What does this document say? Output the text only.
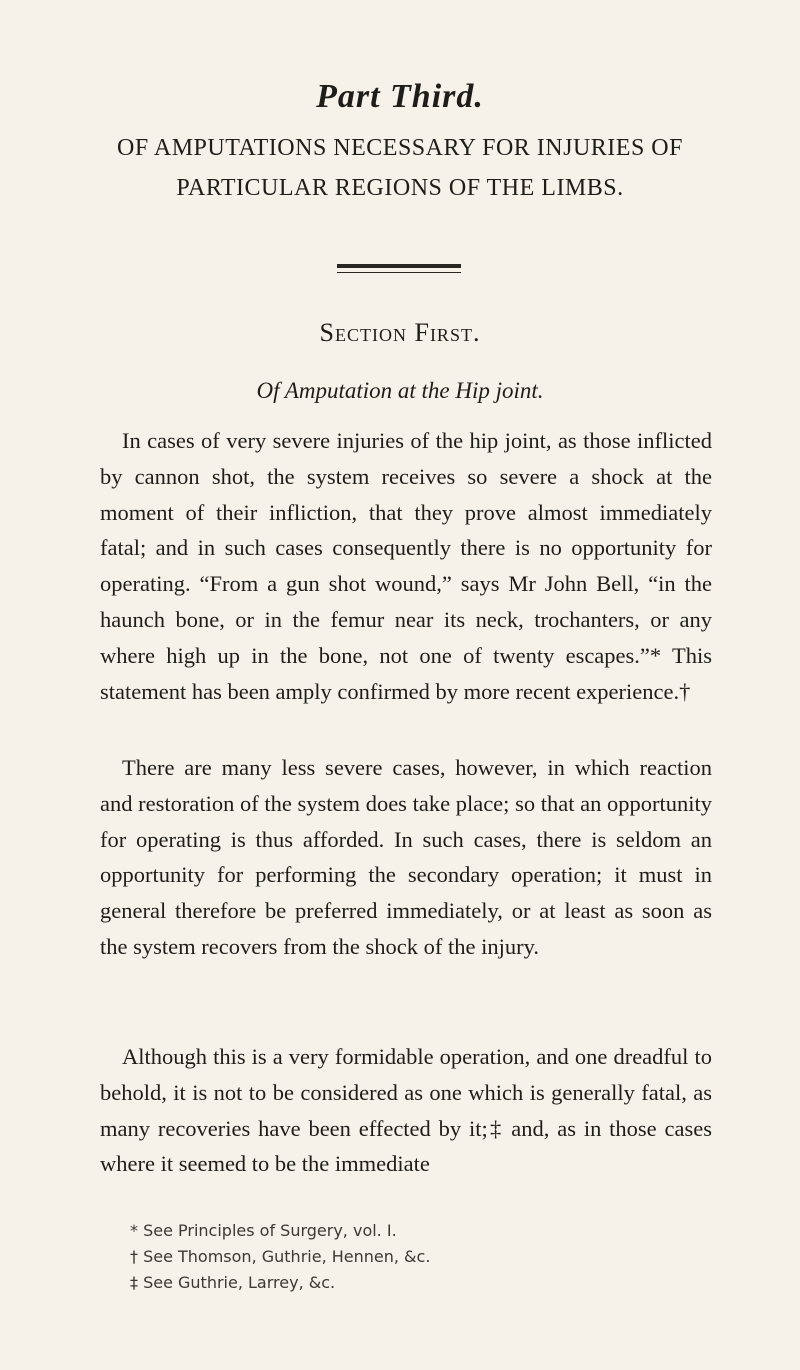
Part Third.
OF AMPUTATIONS NECESSARY FOR INJURIES OF PARTICULAR REGIONS OF THE LIMBS.
Section First.
Of Amputation at the Hip joint.

In cases of very severe injuries of the hip joint, as those inflicted by cannon shot, the system receives so severe a shock at the moment of their infliction, that they prove almost immediately fatal; and in such cases consequently there is no opportunity for operating. “From a gun shot wound,” says Mr John Bell, “in the haunch bone, or in the femur near its neck, trochanters, or any where high up in the bone, not one of twenty escapes.”* This statement has been amply confirmed by more recent experience.†

There are many less severe cases, however, in which reaction and restoration of the system does take place; so that an opportunity for operating is thus afforded. In such cases, there is seldom an opportunity for performing the secondary operation; it must in general therefore be preferred immediately, or at least as soon as the system recovers from the shock of the injury.

Although this is a very formidable operation, and one dreadful to behold, it is not to be considered as one which is generally fatal, as many recoveries have been effected by it;‡ and, as in those cases where it seemed to be the immediate

* See Principles of Surgery, vol. I.
† See Thomson, Guthrie, Hennen, &c.
‡ See Guthrie, Larrey, &c.
